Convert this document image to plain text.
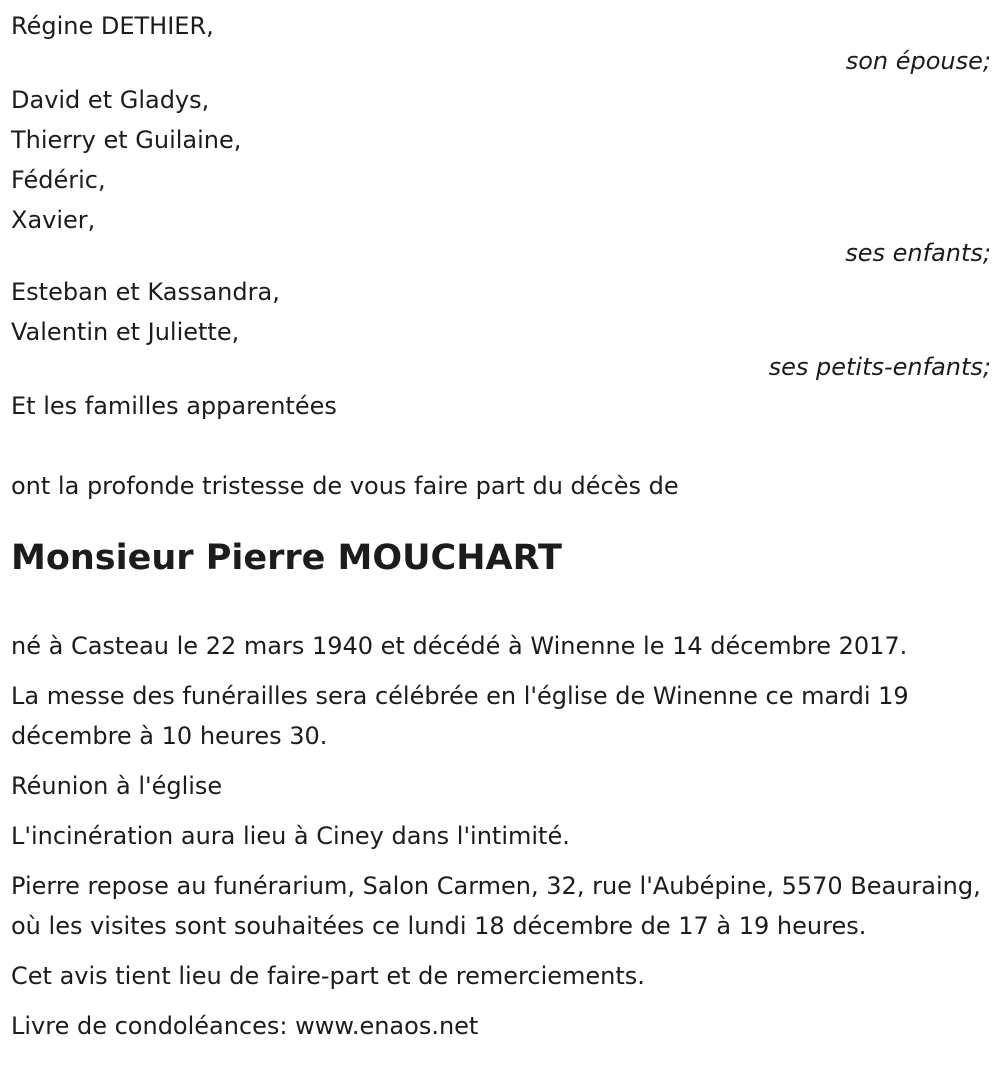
Régine DETHIER,
son épouse;
David et Gladys,
Thierry et Guilaine,
Fédéric,
Xavier,
ses enfants;
Esteban et Kassandra,
Valentin et Juliette,
ses petits-enfants;
Et les familles apparentées
ont la profonde tristesse de vous faire part du décès de
Monsieur Pierre MOUCHART
né à Casteau le 22 mars 1940 et décédé à Winenne le 14 décembre 2017.
La messe des funérailles sera célébrée en l'église de Winenne ce mardi 19 décembre à 10 heures 30.
Réunion à l'église
L'incinération aura lieu à Ciney dans l'intimité.
Pierre repose au funérarium, Salon Carmen, 32, rue l'Aubépine, 5570 Beauraing, où les visites sont souhaitées ce lundi 18 décembre de 17 à 19 heures.
Cet avis tient lieu de faire-part et de remerciements.
Livre de condoléances: www.enaos.net
